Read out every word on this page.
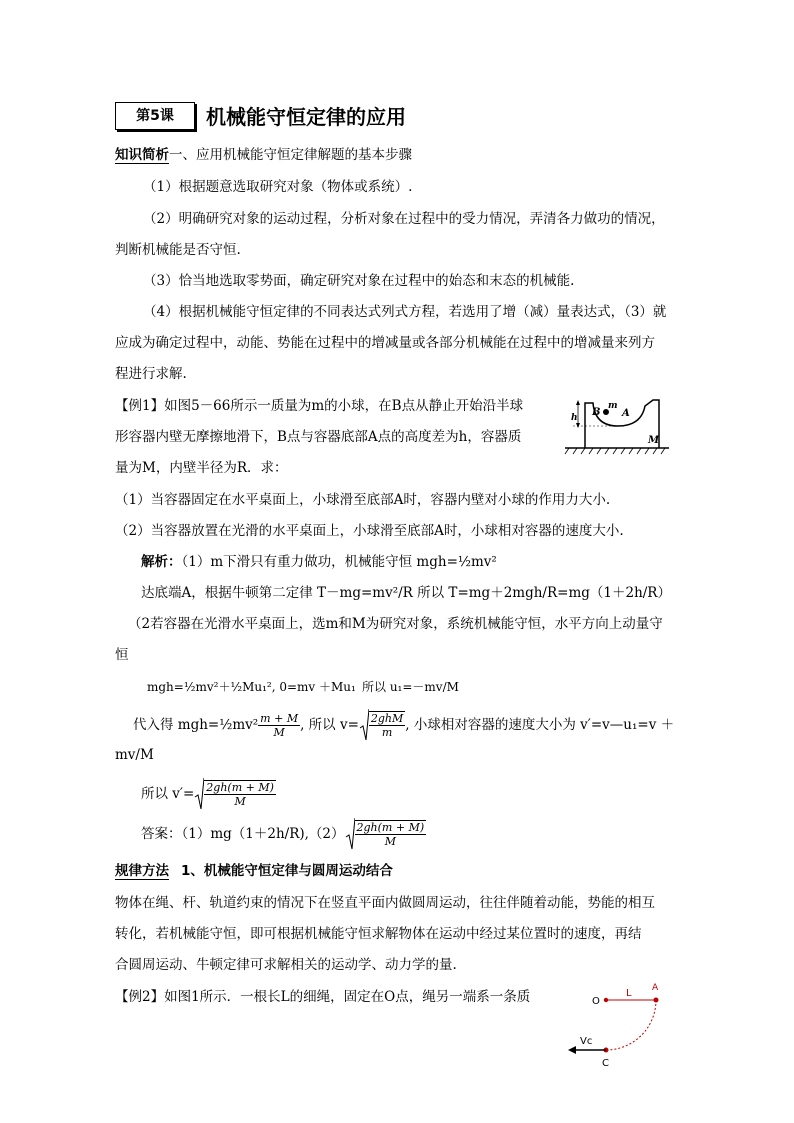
第5课	机械能守恒定律的应用
知识简析一、应用机械能守恒定律解题的基本步骤
（1）根据题意选取研究对象（物体或系统）.
（2）明确研究对象的运动过程，分析对象在过程中的受力情况，弄清各力做功的情况，
判断机械能是否守恒.
（3）恰当地选取零势面，确定研究对象在过程中的始态和末态的机械能.
（4）根据机械能守恒定律的不同表达式列式方程，若选用了增（减）量表达式，（3）就
应成为确定过程中，动能、势能在过程中的增减量或各部分机械能在过程中的增减量来列方
程进行求解.
【例1】如图5－66所示一质量为m的小球，在B点从静止开始沿半球
形容器内壁无摩擦地滑下，B点与容器底部A点的高度差为h，容器质
量为M，内壁半径为R．求：
B
m
A
h
M
（1）当容器固定在水平桌面上，小球滑至底部A时，容器内壁对小球的作用力大小.
（2）当容器放置在光滑的水平桌面上，小球滑至底部A时，小球相对容器的速度大小.
解析：（1）m下滑只有重力做功，机械能守恒 mgh=½mv²
达底端A，根据牛顿第二定律 T－mg=mv²/R 所以 T=mg＋2mgh/R=mg（1＋2h/R）
（2若容器在光滑水平桌面上，选m和M为研究对象，系统机械能守恒，水平方向上动量守
恒
mgh=½mv²＋½Mu₁², 0=mv ＋Mu₁ 所以 u₁=－mv/M
代入得 mgh=½mv² $\frac{m + M}{M}$ , 所以 $v= \frac{\text{2ghM}}{m}$ , 小球相对容器的速度大小为 v′=v—u₁=v ＋
mv/M
所以 $v'= \frac{2gh(m + M)}{M}$
答案：$(1)mg(1+2h/R),(2) \frac{2gh(m + M)}{M}$
规律方法 1、机械能守恒定律与圆周运动结合
物体在绳、杆、轨道约束的情况下在竖直平面内做圆周运动，往往伴随着动能，势能的相互
转化，若机械能守恒，即可根据机械能守恒求解物体在运动中经过某位置时的速度，再结
合圆周运动、牛顿定律可求解相关的运动学、动力学的量.
【例2】如图1所示．一根长L的细绳，固定在O点，绳另一端系一条质	O
L A
Vc
C
